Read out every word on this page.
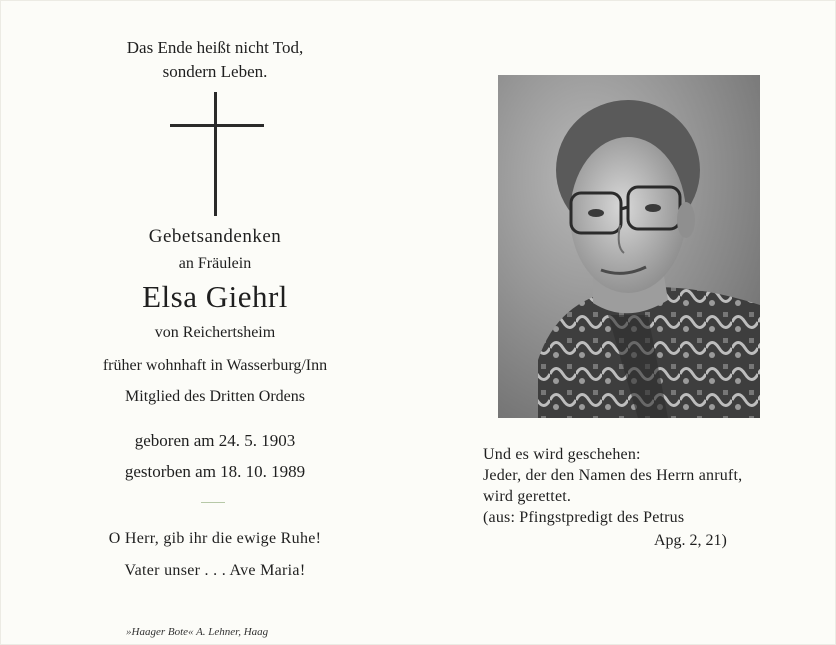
Das Ende heißt nicht Tod,
sondern Leben.
Gebetsandenken
an Fräulein
Elsa Giehrl
von Reichertsheim
früher wohnhaft in Wasserburg/Inn
Mitglied des Dritten Ordens
geboren am 24. 5. 1903
gestorben am 18. 10. 1989
O Herr, gib ihr die ewige Ruhe!
Vater unser . . . Ave Maria!
»Haager Bote« A. Lehner, Haag
Und es wird geschehen:
Jeder, der den Namen des Herrn anruft,
wird gerettet.
(aus: Pfingstpredigt des Petrus
Apg. 2, 21)
